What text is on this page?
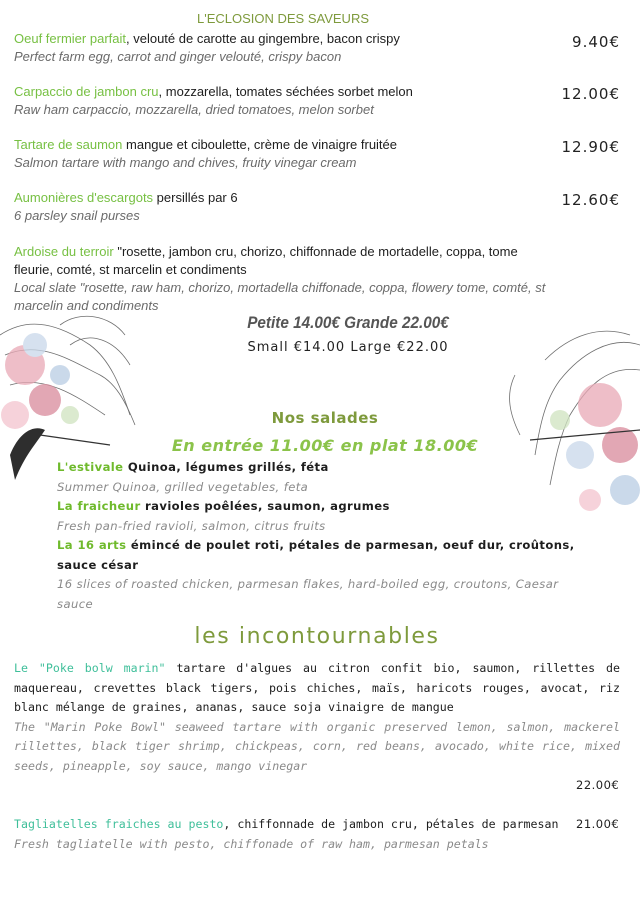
L'ECLOSION DES SAVEURS
Oeuf fermier parfait, velouté de carotte au gingembre, bacon crispy
Perfect farm egg, carrot and ginger velouté, crispy bacon
9.40€
Carpaccio de jambon cru, mozzarella, tomates séchées sorbet melon
Raw ham carpaccio, mozzarella, dried tomatoes, melon sorbet
12.00€
Tartare de saumon mangue et ciboulette, crème de vinaigre fruitée
Salmon tartare with mango and chives, fruity vinegar cream
12.90€
Aumonières d'escargots persillés par 6
6 parsley snail purses
12.60€
Ardoise du terroir "rosette, jambon cru, chorizo, chiffonnade de mortadelle, coppa, tome fleurie, comté, st marcelin et condiments
Local slate "rosette, raw ham, chorizo, mortadella chiffonade, coppa, flowery tome, comté, st marcelin and condiments
Petite 14.00€ Grande 22.00€
Small €14.00 Large €22.00
Nos salades
En entrée 11.00€ en plat 18.00€
L'estivale Quinoa, légumes grillés, féta
Summer Quinoa, grilled vegetables, feta
La fraicheur ravioles poêlées, saumon, agrumes
Fresh pan-fried ravioli, salmon, citrus fruits
La 16 arts émincé de poulet roti, pétales de parmesan, oeuf dur, croûtons, sauce césar
16 slices of roasted chicken, parmesan flakes, hard-boiled egg, croutons, Caesar sauce
les incontournables
Le "Poke bolw marin" tartare d'algues au citron confit bio, saumon, rillettes de maquereau, crevettes black tigers, pois chiches, maïs, haricots rouges, avocat, riz blanc mélange de graines, ananas, sauce soja vinaigre de mangue
The "Marin Poke Bowl" seaweed tartare with organic preserved lemon, salmon, mackerel rillettes, black tiger shrimp, chickpeas, corn, red beans, avocado, white rice, mixed seeds, pineapple, soy sauce, mango vinegar
22.00€
Tagliatelles fraiches au pesto, chiffonnade de jambon cru, pétales de parmesan
Fresh tagliatelle with pesto, chiffonade of raw ham, parmesan petals
21.00€
